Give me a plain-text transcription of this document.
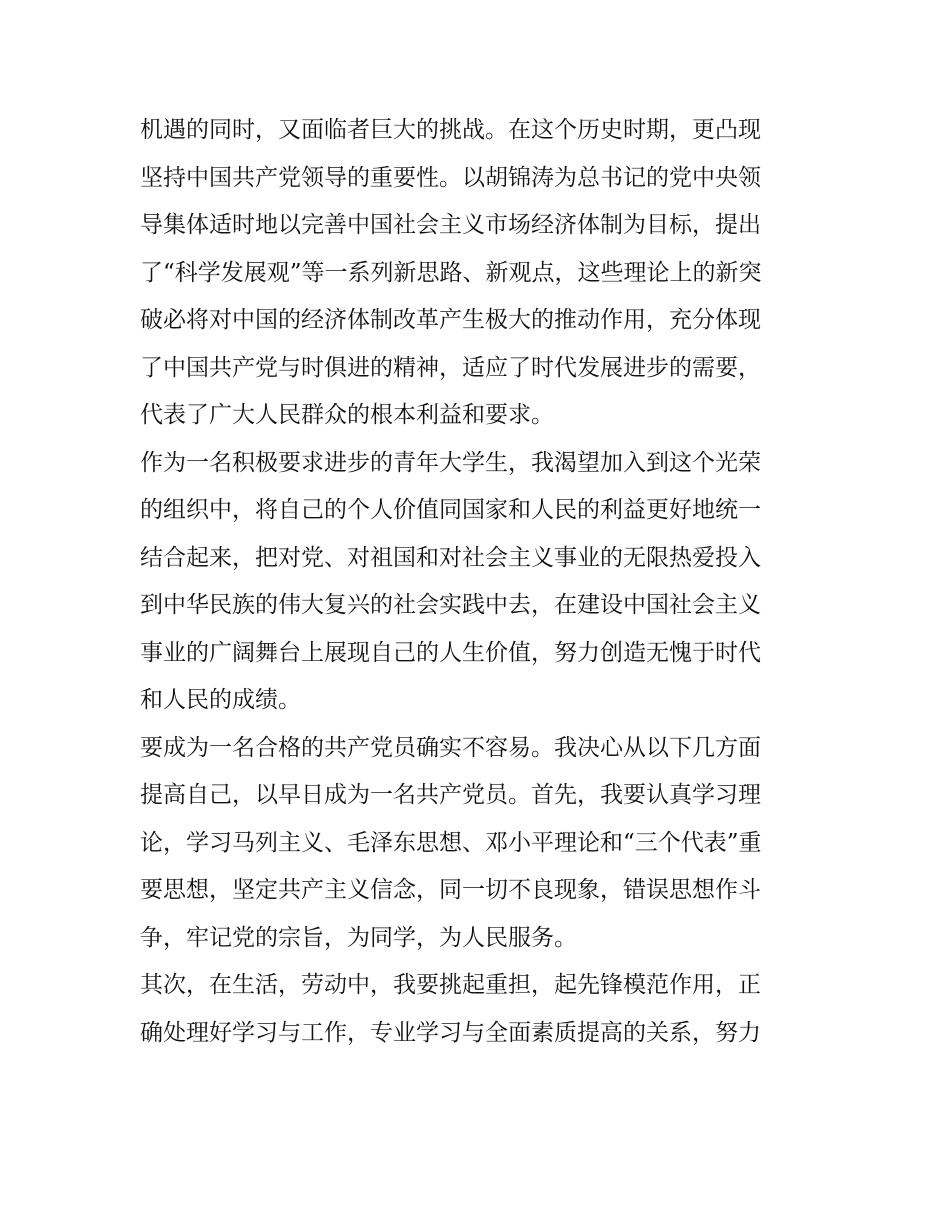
机遇的同时，又面临者巨大的挑战。在这个历史时期，更凸现
坚持中国共产党领导的重要性。以胡锦涛为总书记的党中央领
导集体适时地以完善中国社会主义市场经济体制为目标，提出
了“科学发展观”等一系列新思路、新观点，这些理论上的新突
破必将对中国的经济体制改革产生极大的推动作用，充分体现
了中国共产党与时俱进的精神，适应了时代发展进步的需要，
代表了广大人民群众的根本利益和要求。
作为一名积极要求进步的青年大学生，我渴望加入到这个光荣
的组织中，将自己的个人价值同国家和人民的利益更好地统一
结合起来，把对党、对祖国和对社会主义事业的无限热爱投入
到中华民族的伟大复兴的社会实践中去，在建设中国社会主义
事业的广阔舞台上展现自己的人生价值，努力创造无愧于时代
和人民的成绩。
要成为一名合格的共产党员确实不容易。我决心从以下几方面
提高自己，以早日成为一名共产党员。首先，我要认真学习理
论，学习马列主义、毛泽东思想、邓小平理论和“三个代表”重
要思想，坚定共产主义信念，同一切不良现象，错误思想作斗
争，牢记党的宗旨，为同学，为人民服务。
其次，在生活，劳动中，我要挑起重担，起先锋模范作用，正
确处理好学习与工作，专业学习与全面素质提高的关系，努力
